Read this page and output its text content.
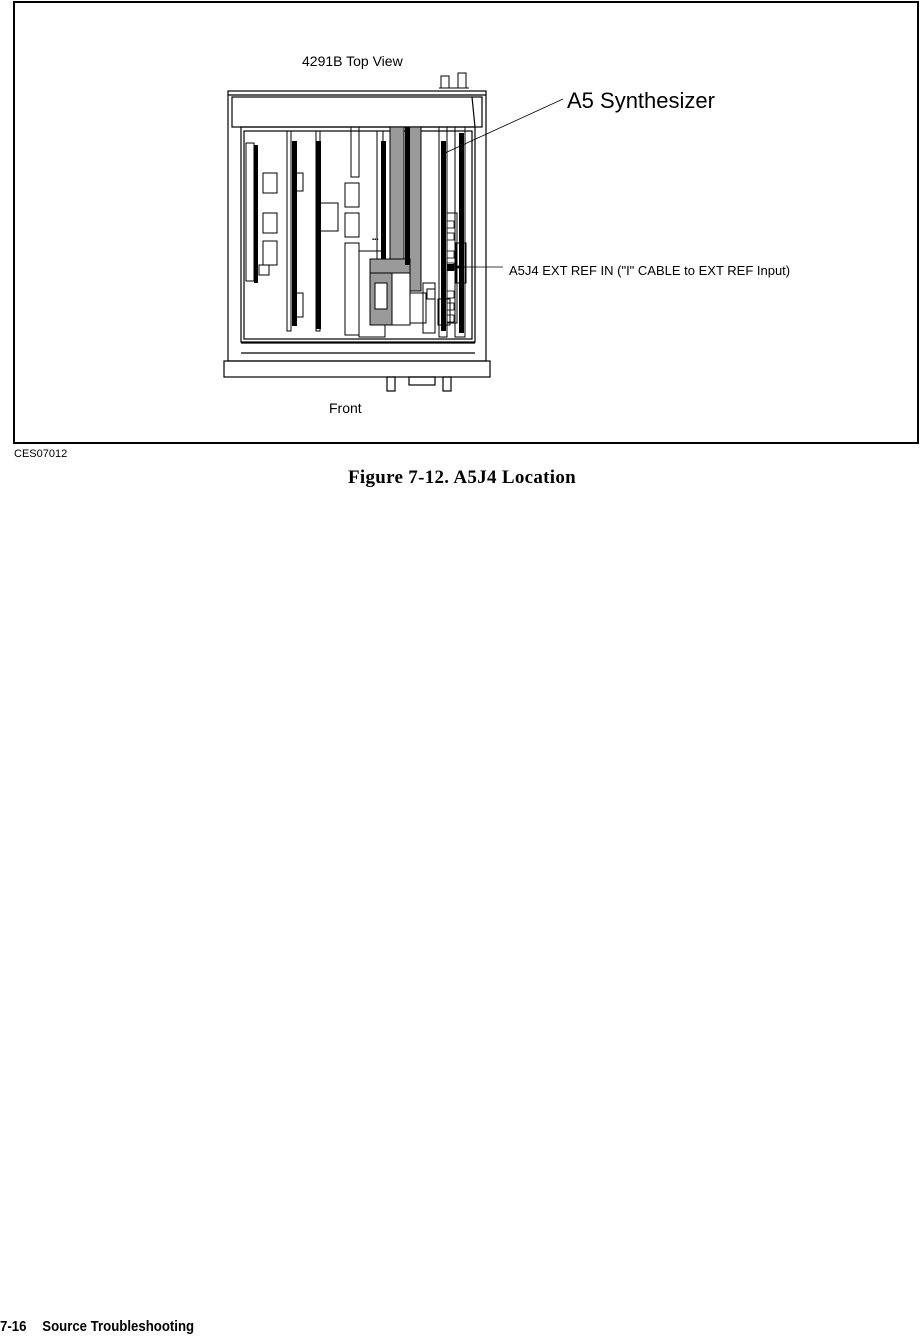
4291B Top View
A5 Synthesizer
A5J4 EXT REF IN ("I" CABLE to EXT REF Input)
Front
▪▪▪
CES07012
Figure 7-12. A5J4 Location
7-16 Source Troubleshooting
